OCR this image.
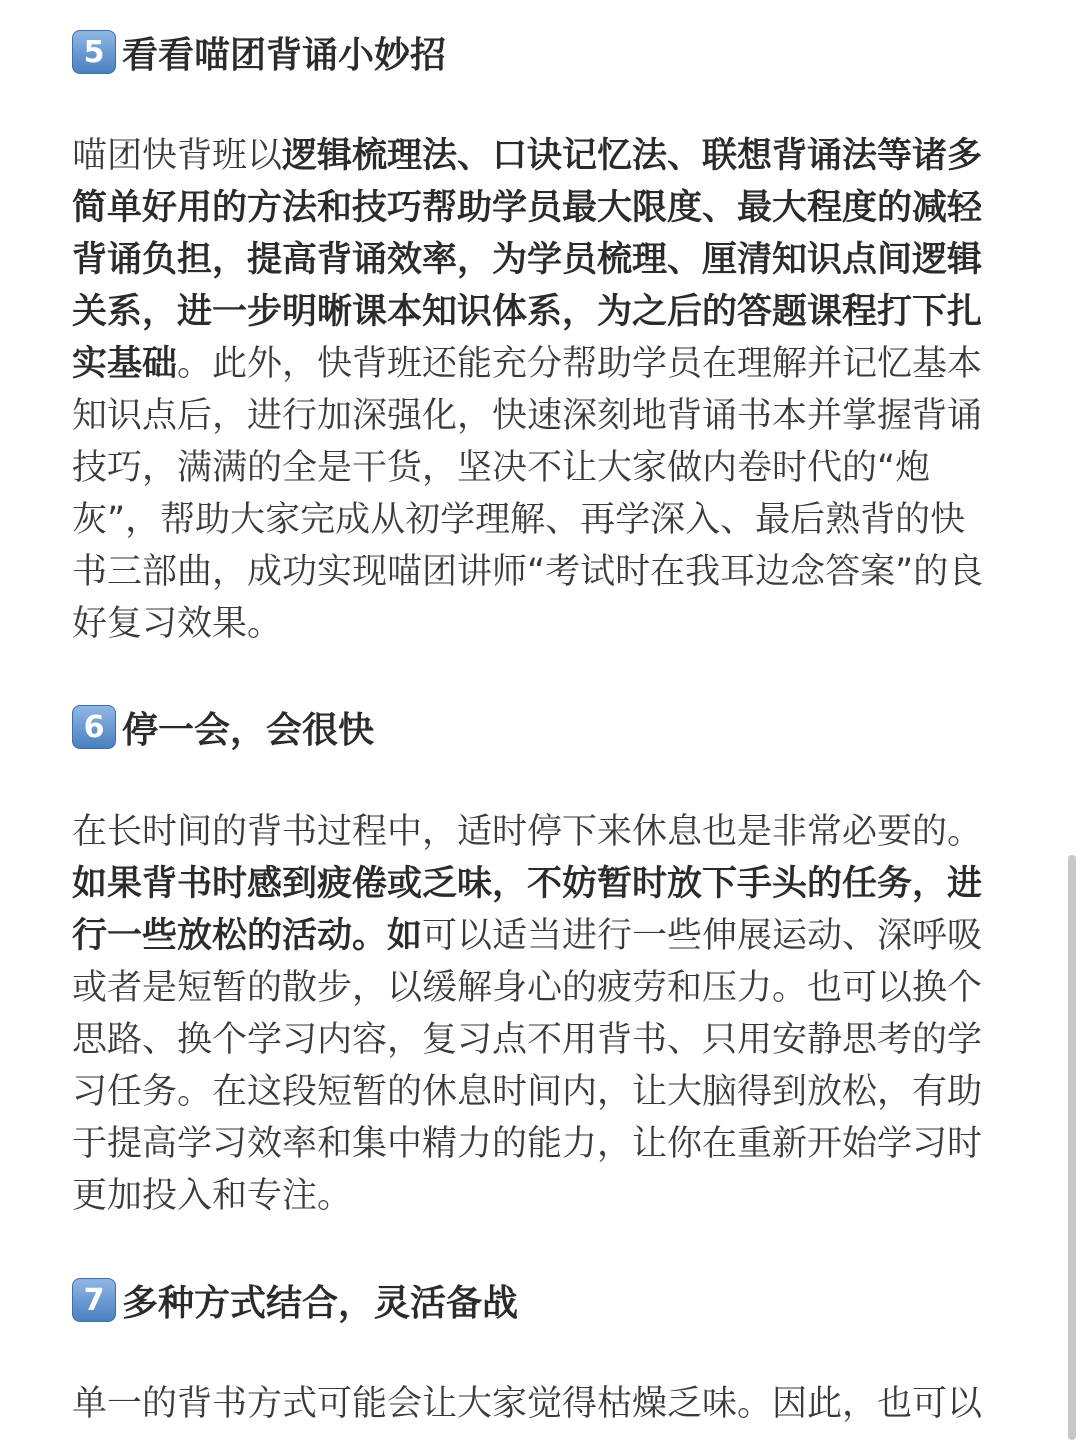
5 看看喵团背诵小妙招
喵团快背班以逻辑梳理法、口诀记忆法、联想背诵法等诸多
简单好用的方法和技巧帮助学员最大限度、最大程度的减轻
背诵负担，提高背诵效率，为学员梳理、厘清知识点间逻辑
关系，进一步明晰课本知识体系，为之后的答题课程打下扎
实基础。此外，快背班还能充分帮助学员在理解并记忆基本
知识点后，进行加深强化，快速深刻地背诵书本并掌握背诵
技巧，满满的全是干货，坚决不让大家做内卷时代的“炮
灰”，帮助大家完成从初学理解、再学深入、最后熟背的快
书三部曲，成功实现喵团讲师“考试时在我耳边念答案”的良
好复习效果。
6 停一会，会很快
在长时间的背书过程中，适时停下来休息也是非常必要的。
如果背书时感到疲倦或乏味，不妨暂时放下手头的任务，进
行一些放松的活动。如可以适当进行一些伸展运动、深呼吸
或者是短暂的散步，以缓解身心的疲劳和压力。也可以换个
思路、换个学习内容，复习点不用背书、只用安静思考的学
习任务。在这段短暂的休息时间内，让大脑得到放松，有助
于提高学习效率和集中精力的能力，让你在重新开始学习时
更加投入和专注。
7 多种方式结合，灵活备战
单一的背书方式可能会让大家觉得枯燥乏味。因此，也可以
